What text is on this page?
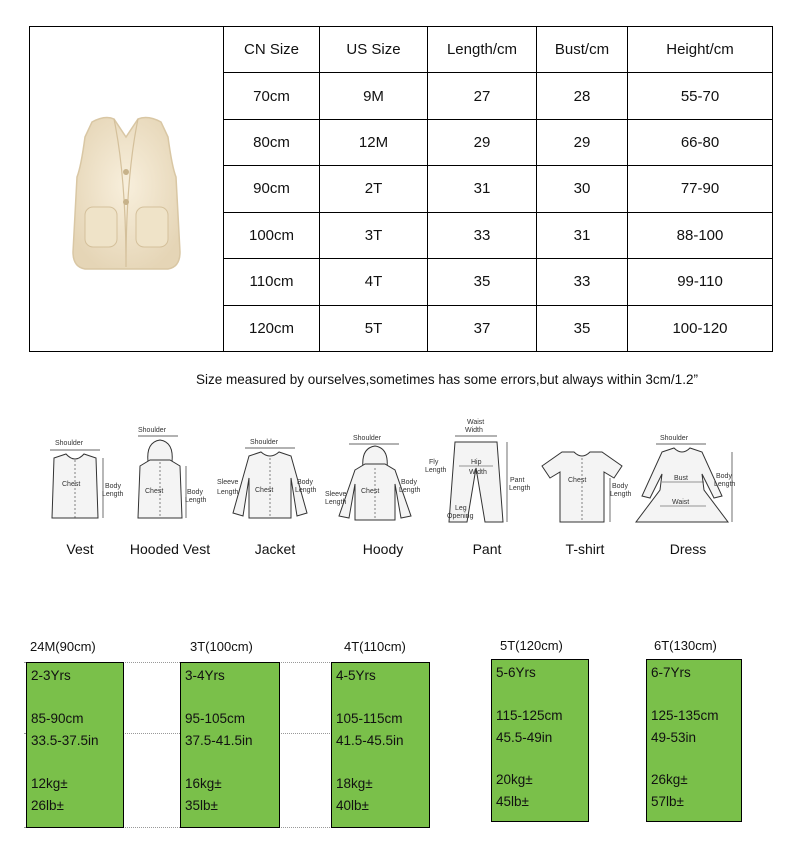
	CN Size	US Size	Length/cm	Bust/cm	Height/cm
	70cm	9M	27	28	55-70
	80cm	12M	29	29	66-80
	90cm	2T	31	30	77-90
	100cm	3T	33	31	88-100
	110cm	4T	35	33	99-110
	120cm	5T	37	35	100-120
Size measured by ourselves,sometimes has some errors,but always within 3cm/1.2”
Shoulder
Chest	Body
Length
Shoulder
Chest	Body
Length
Shoulder
Chest
Sleeve
Length
Body
Length
Shoulder
Chest
Sleeve
Length
Body
Length
Waist
Width
Hip
Width
Fly
Length
Pant
Length
Leg
Opening
Chest
Body
Length
Shoulder
Bust
Waist
Body
Length
Vest	Hooded Vest	Jacket	Hoody	Pant	T-shirt	Dress
24M(90cm)
2-3Yrs
85-90cm
33.5-37.5in
12kg±
26lb±
3T(100cm)
3-4Yrs
95-105cm
37.5-41.5in
16kg±
35lb±
4T(110cm)
4-5Yrs
105-115cm
41.5-45.5in
18kg±
40lb±
5T(120cm)
5-6Yrs
115-125cm
45.5-49in
20kg±
45lb±
6T(130cm)
6-7Yrs
125-135cm
49-53in
26kg±
57lb±
